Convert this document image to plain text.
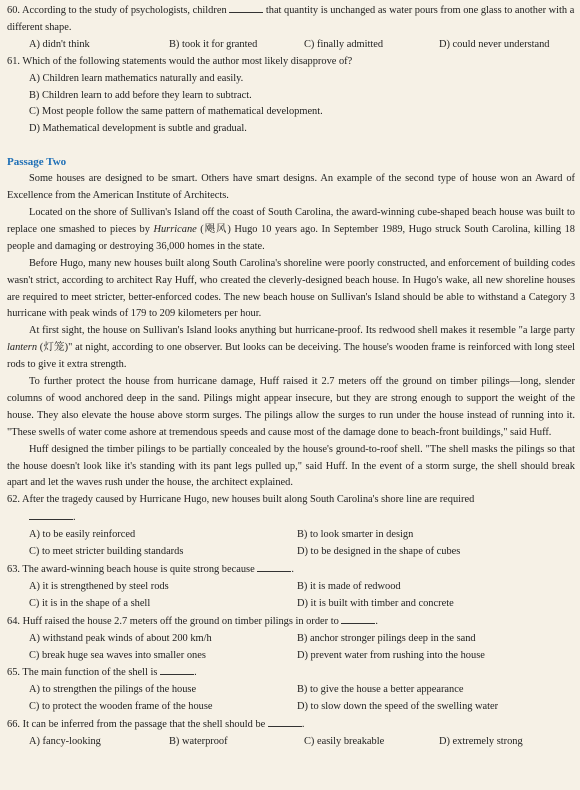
60. According to the study of psychologists, children	that quantity is unchanged as water pours from one glass to another with a different shape.
A) didn't think	B) took it for granted	C) finally admitted	D) could never understand
61. Which of the following statements would the author most likely disapprove of?
A) Children learn mathematics naturally and easily.
B) Children learn to add before they learn to subtract.
C) Most people follow the same pattern of mathematical development.
D) Mathematical development is subtle and gradual.
Passage Two

Some houses are designed to be smart. Others have smart designs. An example of the second type of house won an Award of Excellence from the American Institute of Architects.

Located on the shore of Sullivan's Island off the coast of South Carolina, the award-winning cube-shaped beach house was built to replace one smashed to pieces by Hurricane (飓风) Hugo 10 years ago. In September 1989, Hugo struck South Carolina, killing 18 people and damaging or destroying 36,000 homes in the state.

Before Hugo, many new houses built along South Carolina's shoreline were poorly constructed, and enforcement of building codes wasn't strict, according to architect Ray Huff, who created the cleverly-designed beach house. In Hugo's wake, all new shoreline houses are required to meet stricter, better-enforced codes. The new beach house on Sullivan's Island should be able to withstand a Category 3 hurricane with peak winds of 179 to 209 kilometers per hour.

At first sight, the house on Sullivan's Island looks anything but hurricane-proof. Its redwood shell makes it resemble "a large party lantern (灯笼)" at night, according to one observer. But looks can be deceiving. The house's wooden frame is reinforced with long steel rods to give it extra strength.

To further protect the house from hurricane damage, Huff raised it 2.7 meters off the ground on timber pilings—long, slender columns of wood anchored deep in the sand. Pilings might appear insecure, but they are strong enough to support the weight of the house. They also elevate the house above storm surges. The pilings allow the surges to run under the house instead of running into it. "These swells of water come ashore at tremendous speeds and cause most of the damage done to beach-front buildings," said Huff.

Huff designed the timber pilings to be partially concealed by the house's ground-to-roof shell. "The shell masks the pilings so that the house doesn't look like it's standing with its pant legs pulled up," said Huff. In the event of a storm surge, the shell should break apart and let the waves rush under the house, the architect explained.

62. After the tragedy caused by Hurricane Hugo, new houses built along South Carolina's shore line are required
.
A) to be easily reinforced	B) to look smarter in design
C) to meet stricter building standards	D) to be designed in the shape of cubes
63. The award-winning beach house is quite strong because	.
A) it is strengthened by steel rods	B) it is made of redwood
C) it is in the shape of a shell	D) it is built with timber and concrete
64. Huff raised the house 2.7 meters off the ground on timber pilings in order to	.
A) withstand peak winds of about 200 km/h	B) anchor stronger pilings deep in the sand
C) break huge sea waves into smaller ones	D) prevent water from rushing into the house
65. The main function of the shell is	.
A) to strengthen the pilings of the house	B) to give the house a better appearance
C) to protect the wooden frame of the house	D) to slow down the speed of the swelling water
66. It can be inferred from the passage that the shell should be	.
A) fancy-looking	B) waterproof	C) easily breakable	D) extremely strong
